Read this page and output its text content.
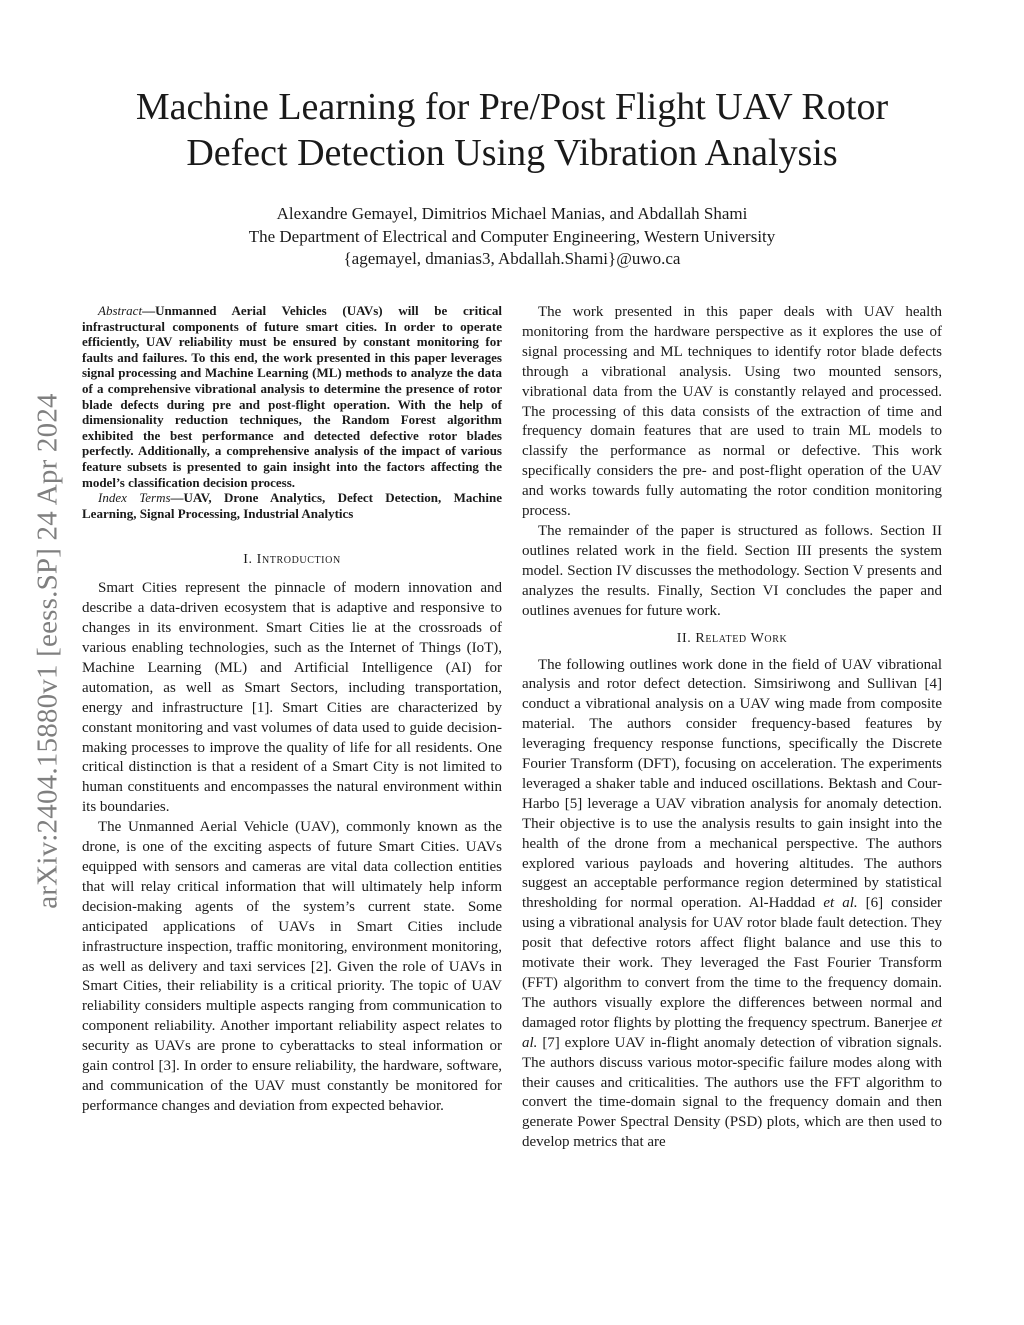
arXiv:2404.15880v1 [eess.SP] 24 Apr 2024
Machine Learning for Pre/Post Flight UAV Rotor
Defect Detection Using Vibration Analysis
Alexandre Gemayel, Dimitrios Michael Manias, and Abdallah Shami
The Department of Electrical and Computer Engineering, Western University
{agemayel, dmanias3, Abdallah.Shami}@uwo.ca

Abstract—Unmanned Aerial Vehicles (UAVs) will be critical infrastructural components of future smart cities. In order to operate efficiently, UAV reliability must be ensured by constant monitoring for faults and failures. To this end, the work presented in this paper leverages signal processing and Machine Learning (ML) methods to analyze the data of a comprehensive vibrational analysis to determine the presence of rotor blade defects during pre and post-flight operation. With the help of dimensionality reduction techniques, the Random Forest algorithm exhibited the best performance and detected defective rotor blades perfectly. Additionally, a comprehensive analysis of the impact of various feature subsets is presented to gain insight into the factors affecting the model’s classification decision process.

Index Terms—UAV, Drone Analytics, Defect Detection, Machine Learning, Signal Processing, Industrial Analytics

I. Introduction

Smart Cities represent the pinnacle of modern innovation and describe a data-driven ecosystem that is adaptive and responsive to changes in its environment. Smart Cities lie at the crossroads of various enabling technologies, such as the Internet of Things (IoT), Machine Learning (ML) and Artificial Intelligence (AI) for automation, as well as Smart Sectors, including transportation, energy and infrastructure [1]. Smart Cities are characterized by constant monitoring and vast volumes of data used to guide decision-making processes to improve the quality of life for all residents. One critical distinction is that a resident of a Smart City is not limited to human constituents and encompasses the natural environment within its boundaries.

The Unmanned Aerial Vehicle (UAV), commonly known as the drone, is one of the exciting aspects of future Smart Cities. UAVs equipped with sensors and cameras are vital data collection entities that will relay critical information that will ultimately help inform decision-making agents of the system’s current state. Some anticipated applications of UAVs in Smart Cities include infrastructure inspection, traffic monitoring, environment monitoring, as well as delivery and taxi services [2]. Given the role of UAVs in Smart Cities, their reliability is a critical priority. The topic of UAV reliability considers multiple aspects ranging from communication to component reliability. Another important reliability aspect relates to security as UAVs are prone to cyberattacks to steal information or gain control [3]. In order to ensure reliability, the hardware, software, and communication of the UAV must constantly be monitored for performance changes and deviation from expected behavior.

The work presented in this paper deals with UAV health monitoring from the hardware perspective as it explores the use of signal processing and ML techniques to identify rotor blade defects through a vibrational analysis. Using two mounted sensors, vibrational data from the UAV is constantly relayed and processed. The processing of this data consists of the extraction of time and frequency domain features that are used to train ML models to classify the performance as normal or defective. This work specifically considers the pre- and post-flight operation of the UAV and works towards fully automating the rotor condition monitoring process.

The remainder of the paper is structured as follows. Section II outlines related work in the field. Section III presents the system model. Section IV discusses the methodology. Section V presents and analyzes the results. Finally, Section VI concludes the paper and outlines avenues for future work.

II. Related Work

The following outlines work done in the field of UAV vibrational analysis and rotor defect detection. Simsiriwong and Sullivan [4] conduct a vibrational analysis on a UAV wing made from composite material. The authors consider frequency-based features by leveraging frequency response functions, specifically the Discrete Fourier Transform (DFT), focusing on acceleration. The experiments leveraged a shaker table and induced oscillations. Bektash and Cour-Harbo [5] leverage a UAV vibration analysis for anomaly detection. Their objective is to use the analysis results to gain insight into the health of the drone from a mechanical perspective. The authors explored various payloads and hovering altitudes. The authors suggest an acceptable performance region determined by statistical thresholding for normal operation. Al-Haddad et al. [6] consider using a vibrational analysis for UAV rotor blade fault detection. They posit that defective rotors affect flight balance and use this to motivate their work. They leveraged the Fast Fourier Transform (FFT) algorithm to convert from the time to the frequency domain. The authors visually explore the differences between normal and damaged rotor flights by plotting the frequency spectrum. Banerjee et al. [7] explore UAV in-flight anomaly detection of vibration signals. The authors discuss various motor-specific failure modes along with their causes and criticalities. The authors use the FFT algorithm to convert the time-domain signal to the frequency domain and then generate Power Spectral Density (PSD) plots, which are then used to develop metrics that are
